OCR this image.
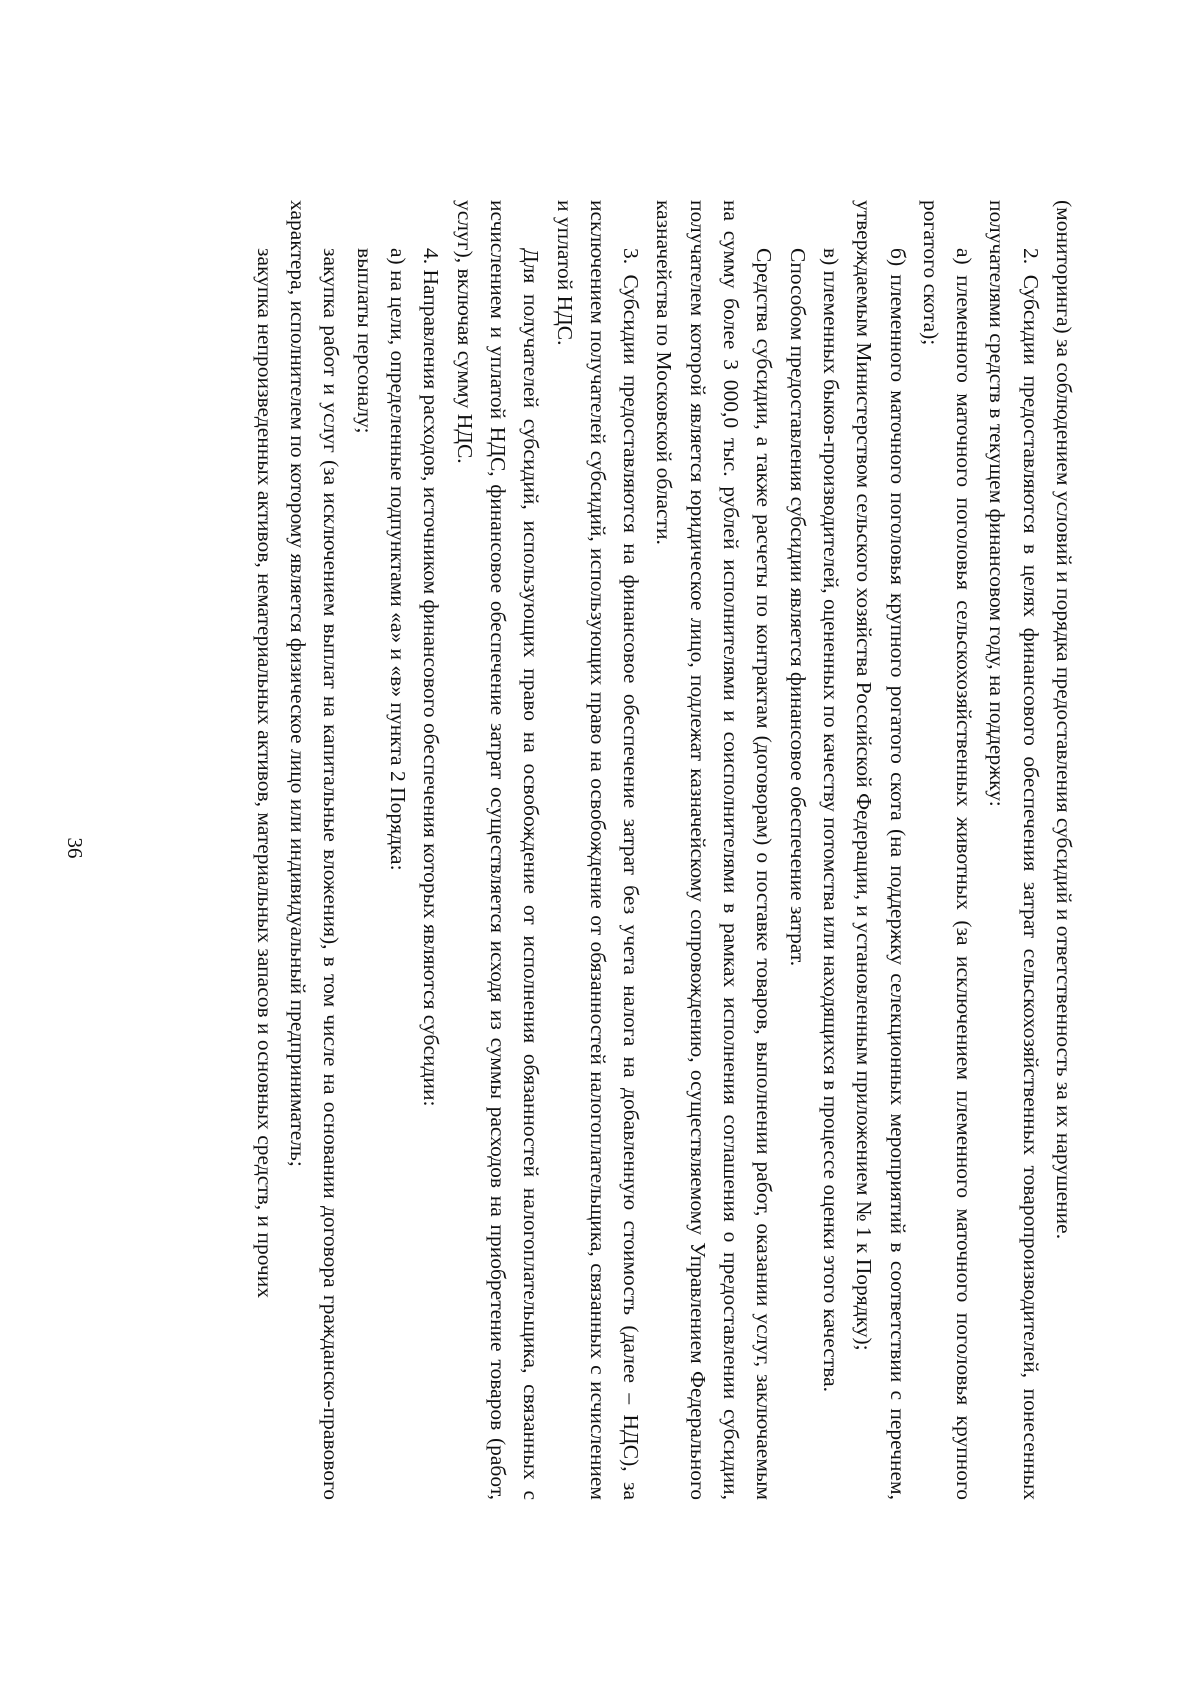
36	(мониторинга) за соблюдением условий и порядка предоставления субсидий и ответственность за их нарушение.

2. Субсидии предоставляются в целях финансового обеспечения затрат сельскохозяйственных товаропроизводителей, понесенных получателями средств в текущем финансовом году, на поддержку:

а) племенного маточного поголовья сельскохозяйственных животных (за исключением племенного маточного поголовья крупного рогатого скота);

б) племенного маточного поголовья крупного рогатого скота (на поддержку селекционных мероприятий в соответствии с перечнем, утверждаемым Министерством сельского хозяйства Российской Федерации, и установленным приложением № 1 к Порядку);

в) племенных быков-производителей, оцененных по качеству потомства или находящихся в процессе оценки этого качества.

Способом предоставления субсидии является финансовое обеспечение затрат.

Средства субсидии, а также расчеты по контрактам (договорам) о поставке товаров, выполнении работ, оказании услуг, заключаемым на сумму более 3 000,0 тыс. рублей исполнителями и соисполнителями в рамках исполнения соглашения о предоставлении субсидии, получателем которой является юридическое лицо, подлежат казначейскому сопровождению, осуществляемому Управлением Федерального казначейства по Московской области.

3. Субсидии предоставляются на финансовое обеспечение затрат без учета налога на добавленную стоимость (далее – НДС), за исключением получателей субсидий, использующих право на освобождение от обязанностей налогоплательщика, связанных с исчислением и уплатой НДС.

Для получателей субсидий, использующих право на освобождение от исполнения обязанностей налогоплательщика, связанных с исчислением и уплатой НДС, финансовое обеспечение затрат осуществляется исходя из суммы расходов на приобретение товаров (работ, услуг), включая сумму НДС.

4. Направления расходов, источником финансового обеспечения которых являются субсидии:

а) на цели, определенные подпунктами «а» и «в» пункта 2 Порядка:

выплаты персоналу;

закупка работ и услуг (за исключением выплат на капитальные вложения), в том числе на основании договора гражданско-правового характера, исполнителем по которому является физическое лицо или индивидуальный предприниматель;

закупка непроизведенных активов, нематериальных активов, материальных запасов и основных средств, и прочих
